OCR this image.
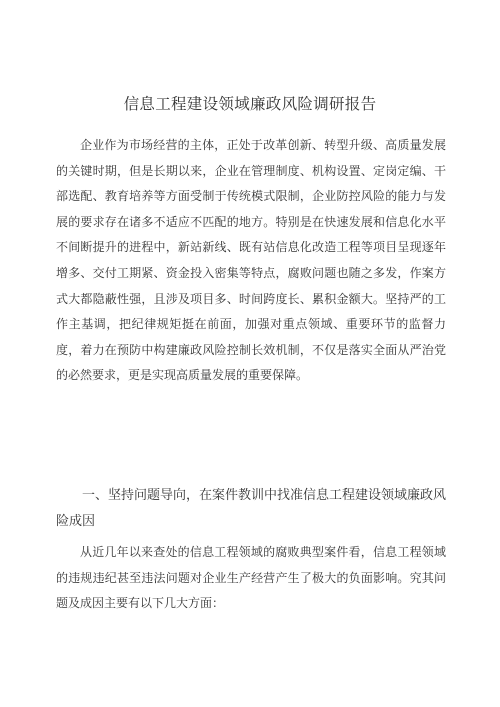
信息工程建设领域廉政风险调研报告

企业作为市场经营的主体，正处于改革创新、转型升级、高质量发展的关键时期，但是长期以来，企业在管理制度、机构设置、定岗定编、干部选配、教育培养等方面受制于传统模式限制，企业防控风险的能力与发展的要求存在诸多不适应不匹配的地方。特别是在快速发展和信息化水平不间断提升的进程中，新站新线、既有站信息化改造工程等项目呈现逐年增多、交付工期紧、资金投入密集等特点，腐败问题也随之多发，作案方式大都隐蔽性强，且涉及项目多、时间跨度长、累积金额大。坚持严的工作主基调，把纪律规矩挺在前面，加强对重点领域、重要环节的监督力度，着力在预防中构建廉政风险控制长效机制，不仅是落实全面从严治党的必然要求，更是实现高质量发展的重要保障。

一、坚持问题导向，在案件教训中找准信息工程建设领域廉政风险成因

从近几年以来查处的信息工程领域的腐败典型案件看，信息工程领域的违规违纪甚至违法问题对企业生产经营产生了极大的负面影响。究其问题及成因主要有以下几大方面：
